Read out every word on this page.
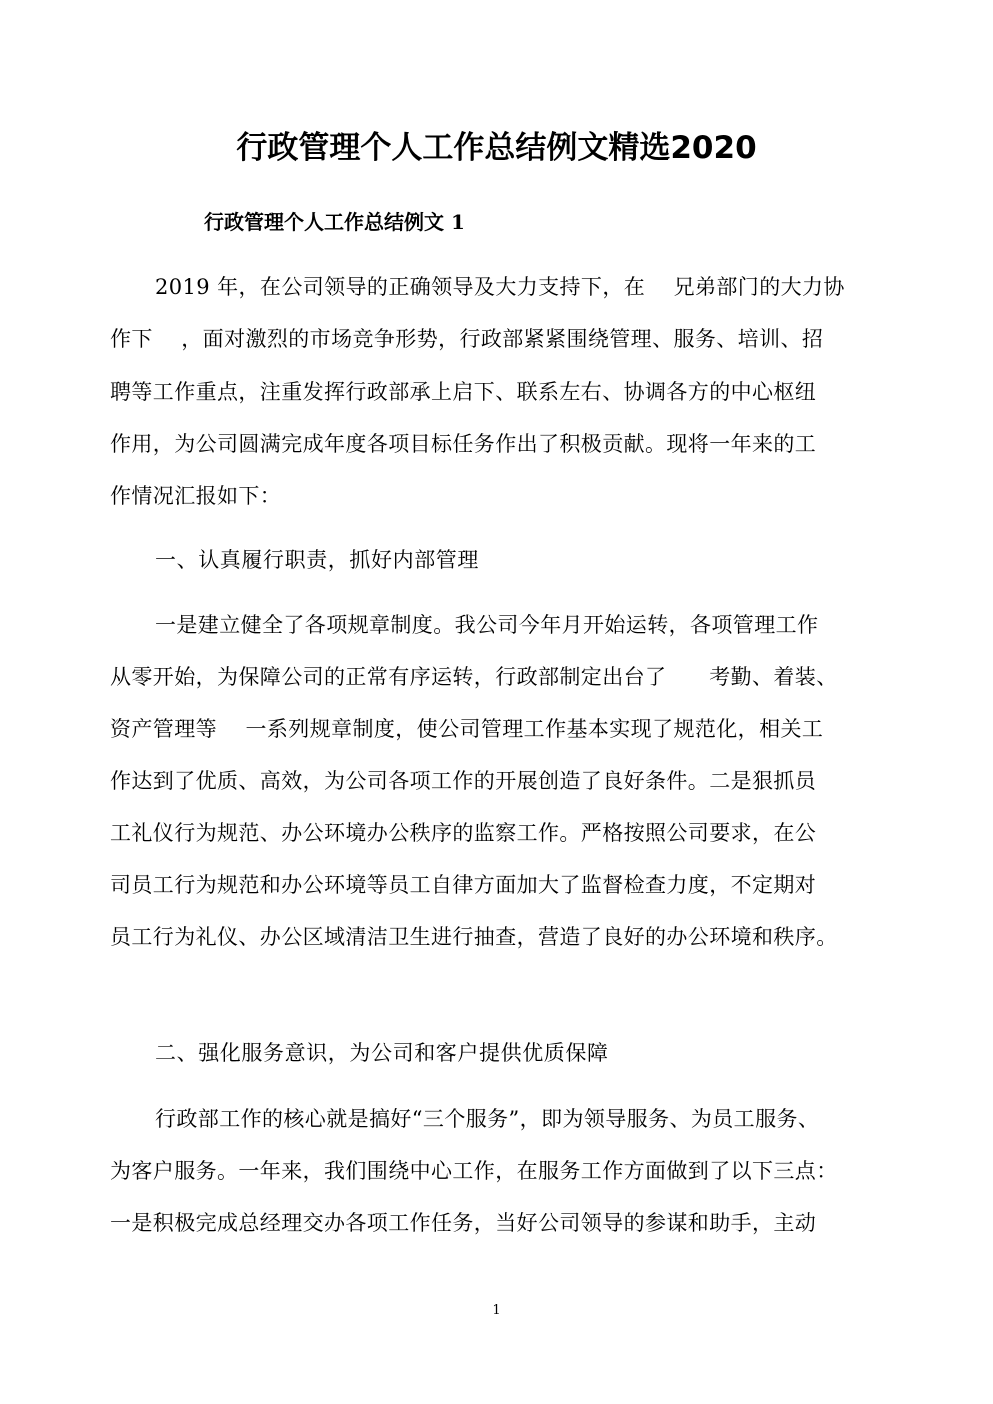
行政管理个人工作总结例文精选2020
行政管理个人工作总结例文 1
2019 年，在公司领导的正确领导及大力支持下，在　 兄弟部门的大力协
作下　 ，面对激烈的市场竞争形势，行政部紧紧围绕管理、服务、培训、招
聘等工作重点，注重发挥行政部承上启下、联系左右、协调各方的中心枢纽
作用，为公司圆满完成年度各项目标任务作出了积极贡献。现将一年来的工
作情况汇报如下：
一、认真履行职责，抓好内部管理
一是建立健全了各项规章制度。我公司今年月开始运转，各项管理工作
从零开始，为保障公司的正常有序运转，行政部制定出台了　　考勤、着装、
资产管理等　 一系列规章制度，使公司管理工作基本实现了规范化，相关工
作达到了优质、高效，为公司各项工作的开展创造了良好条件。二是狠抓员
工礼仪行为规范、办公环境办公秩序的监察工作。严格按照公司要求，在公
司员工行为规范和办公环境等员工自律方面加大了监督检查力度，不定期对
员工行为礼仪、办公区域清洁卫生进行抽查，营造了良好的办公环境和秩序。
二、强化服务意识，为公司和客户提供优质保障
行政部工作的核心就是搞好“三个服务”，即为领导服务、为员工服务、
为客户服务。一年来，我们围绕中心工作，在服务工作方面做到了以下三点：
一是积极完成总经理交办各项工作任务，当好公司领导的参谋和助手，主动
1
